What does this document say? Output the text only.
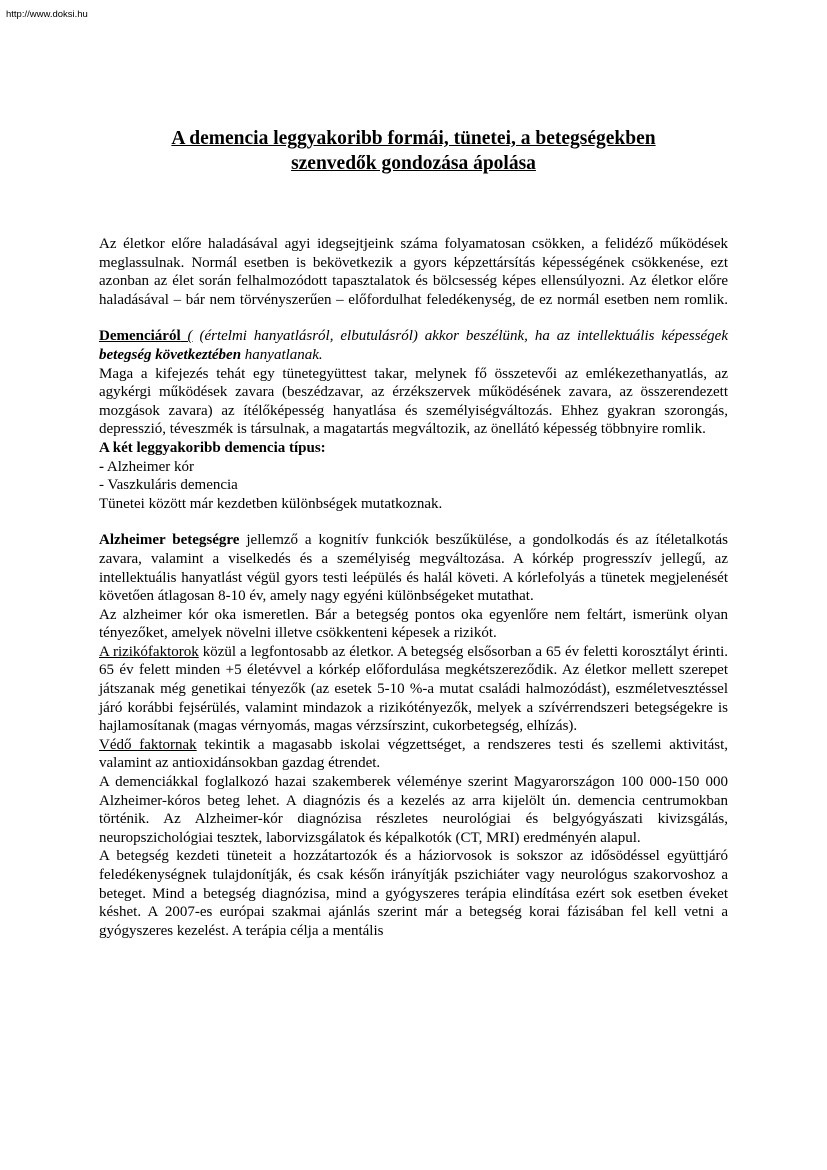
http://www.doksi.hu
A demencia leggyakoribb formái, tünetei, a betegségekben
szenvedők gondozása ápolása

Az életkor előre haladásával agyi idegsejtjeink száma folyamatosan csökken, a felidéző működések meglassulnak. Normál esetben is bekövetkezik a gyors képzettársítás képességének csökkenése, ezt azonban az élet során felhalmozódott tapasztalatok és bölcsesség képes ellensúlyozni. Az életkor előre haladásával – bár nem törvényszerűen – előfordulhat feledékenység, de ez normál esetben nem romlik.

Demenciáról ( (értelmi hanyatlásról, elbutulásról) akkor beszélünk, ha az intellektuális képességek betegség következtében hanyatlanak.

Maga a kifejezés tehát egy tünetegyüttest takar, melynek fő összetevői az emlékezethanyatlás, az agykérgi működések zavara (beszédzavar, az érzékszervek működésének zavara, az összerendezett mozgások zavara) az ítélőképesség hanyatlása és személyiségváltozás. Ehhez gyakran szorongás, depresszió, téveszmék is társulnak, a magatartás megváltozik, az önellátó képesség többnyire romlik.

A két leggyakoribb demencia típus:

- Alzheimer kór

- Vaszkuláris demencia

Tünetei között már kezdetben különbségek mutatkoznak.

Alzheimer betegségre jellemző a kognitív funkciók beszűkülése, a gondolkodás és az ítéletalkotás zavara, valamint a viselkedés és a személyiség megváltozása. A kórkép progresszív jellegű, az intellektuális hanyatlást végül gyors testi leépülés és halál követi. A kórlefolyás a tünetek megjelenését követően átlagosan 8-10 év, amely nagy egyéni különbségeket mutathat.

Az alzheimer kór oka ismeretlen. Bár a betegség pontos oka egyenlőre nem feltárt, ismerünk olyan tényezőket, amelyek növelni illetve csökkenteni képesek a rizikót.

A rizikófaktorok közül a legfontosabb az életkor. A betegség elsősorban a 65 év feletti korosztályt érinti. 65 év felett minden +5 életévvel a kórkép előfordulása megkétszereződik. Az életkor mellett szerepet játszanak még genetikai tényezők (az esetek 5-10 %-a mutat családi halmozódást), eszméletvesztéssel járó korábbi fejsérülés, valamint mindazok a rizikótényezők, melyek a szívérrendszeri betegségekre is hajlamosítanak (magas vérnyomás, magas vérzsírszint, cukorbetegség, elhízás).

Védő faktornak tekintik a magasabb iskolai végzettséget, a rendszeres testi és szellemi aktivitást, valamint az antioxidánsokban gazdag étrendet.

A demenciákkal foglalkozó hazai szakemberek véleménye szerint Magyarországon 100 000-150 000 Alzheimer-kóros beteg lehet. A diagnózis és a kezelés az arra kijelölt ún. demencia centrumokban történik. Az Alzheimer-kór diagnózisa részletes neurológiai és belgyógyászati kivizsgálás, neuropszichológiai tesztek, laborvizsgálatok és képalkotók (CT, MRI) eredményén alapul.

A betegség kezdeti tüneteit a hozzátartozók és a háziorvosok is sokszor az idősödéssel együttjáró feledékenységnek tulajdonítják, és csak későn irányítják pszichiáter vagy neurológus szakorvoshoz a beteget. Mind a betegség diagnózisa, mind a gyógyszeres terápia elindítása ezért sok esetben éveket késhet. A 2007-es európai szakmai ajánlás szerint már a betegség korai fázisában fel kell vetni a gyógyszeres kezelést. A terápia célja a mentális
